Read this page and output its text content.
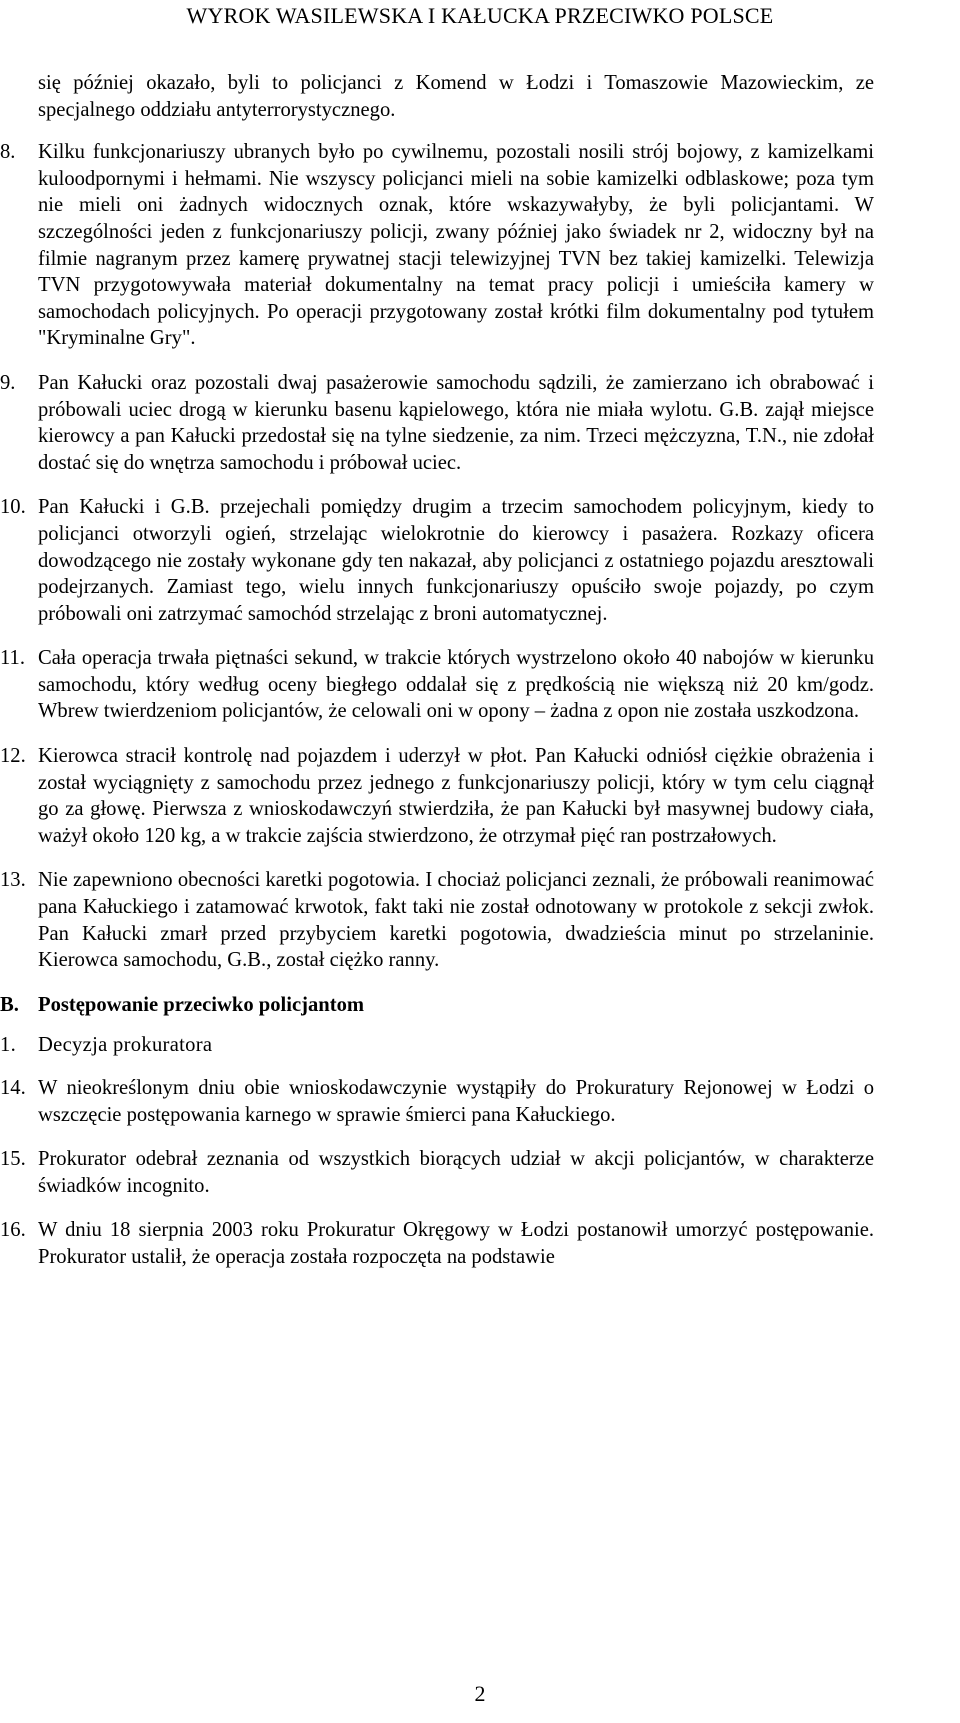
WYROK WASILEWSKA I KAŁUCKA PRZECIWKO POLSCE

się później okazało, byli to policjanci z Komend w Łodzi i Tomaszowie Mazowieckim, ze specjalnego oddziału antyterrorystycznego.

8.	Kilku funkcjonariuszy ubranych było po cywilnemu, pozostali nosili strój bojowy, z kamizelkami kuloodpornymi i hełmami. Nie wszyscy policjanci mieli na sobie kamizelki odblaskowe; poza tym nie mieli oni żadnych widocznych oznak, które wskazywałyby, że byli policjantami. W szczególności jeden z funkcjonariuszy policji, zwany później jako świadek nr 2, widoczny był na filmie nagranym przez kamerę prywatnej stacji telewizyjnej TVN bez takiej kamizelki. Telewizja TVN przygotowywała materiał dokumentalny na temat pracy policji i umieściła kamery w samochodach policyjnych. Po operacji przygotowany został krótki film dokumentalny pod tytułem "Kryminalne Gry".
9.	Pan Kałucki oraz pozostali dwaj pasażerowie samochodu sądzili, że zamierzano ich obrabować i próbowali uciec drogą w kierunku basenu kąpielowego, która nie miała wylotu. G.B. zajął miejsce kierowcy a pan Kałucki przedostał się na tylne siedzenie, za nim. Trzeci mężczyzna, T.N., nie zdołał dostać się do wnętrza samochodu i próbował uciec.
10. Pan Kałucki i G.B. przejechali pomiędzy drugim a trzecim samochodem policyjnym, kiedy to policjanci otworzyli ogień, strzelając wielokrotnie do kierowcy i pasażera. Rozkazy oficera dowodzącego nie zostały wykonane gdy ten nakazał, aby policjanci z ostatniego pojazdu aresztowali podejrzanych. Zamiast tego, wielu innych funkcjonariuszy opuściło swoje pojazdy, po czym próbowali oni zatrzymać samochód strzelając z broni automatycznej.
11. Cała operacja trwała piętnaści sekund, w trakcie których wystrzelono około 40 nabojów w kierunku samochodu, który według oceny biegłego oddalał się z prędkością nie większą niż 20 km/godz. Wbrew twierdzeniom policjantów, że celowali oni w opony – żadna z opon nie została uszkodzona.
12. Kierowca stracił kontrolę nad pojazdem i uderzył w płot. Pan Kałucki odniósł ciężkie obrażenia i został wyciągnięty z samochodu przez jednego z funkcjonariuszy policji, który w tym celu ciągnął go za głowę. Pierwsza z wnioskodawczyń stwierdziła, że pan Kałucki był masywnej budowy ciała, ważył około 120 kg, a w trakcie zajścia stwierdzono, że otrzymał pięć ran postrzałowych.
13. Nie zapewniono obecności karetki pogotowia. I chociaż policjanci zeznali, że próbowali reanimować pana Kałuckiego i zatamować krwotok, fakt taki nie został odnotowany w protokole z sekcji zwłok. Pan Kałucki zmarł przed przybyciem karetki pogotowia, dwadzieścia minut po strzelaninie. Kierowca samochodu, G.B., został ciężko ranny.
B. Postępowanie przeciwko policjantom
1. Decyzja prokuratora
14. W nieokreślonym dniu obie wnioskodawczynie wystąpiły do Prokuratury Rejonowej w Łodzi o wszczęcie postępowania karnego w sprawie śmierci pana Kałuckiego.
15. Prokurator odebrał zeznania od wszystkich biorących udział w akcji policjantów, w charakterze świadków incognito.
16. W dniu 18 sierpnia 2003 roku Prokuratur Okręgowy w Łodzi postanowił umorzyć postępowanie. Prokurator ustalił, że operacja została rozpoczęta na podstawie
2
